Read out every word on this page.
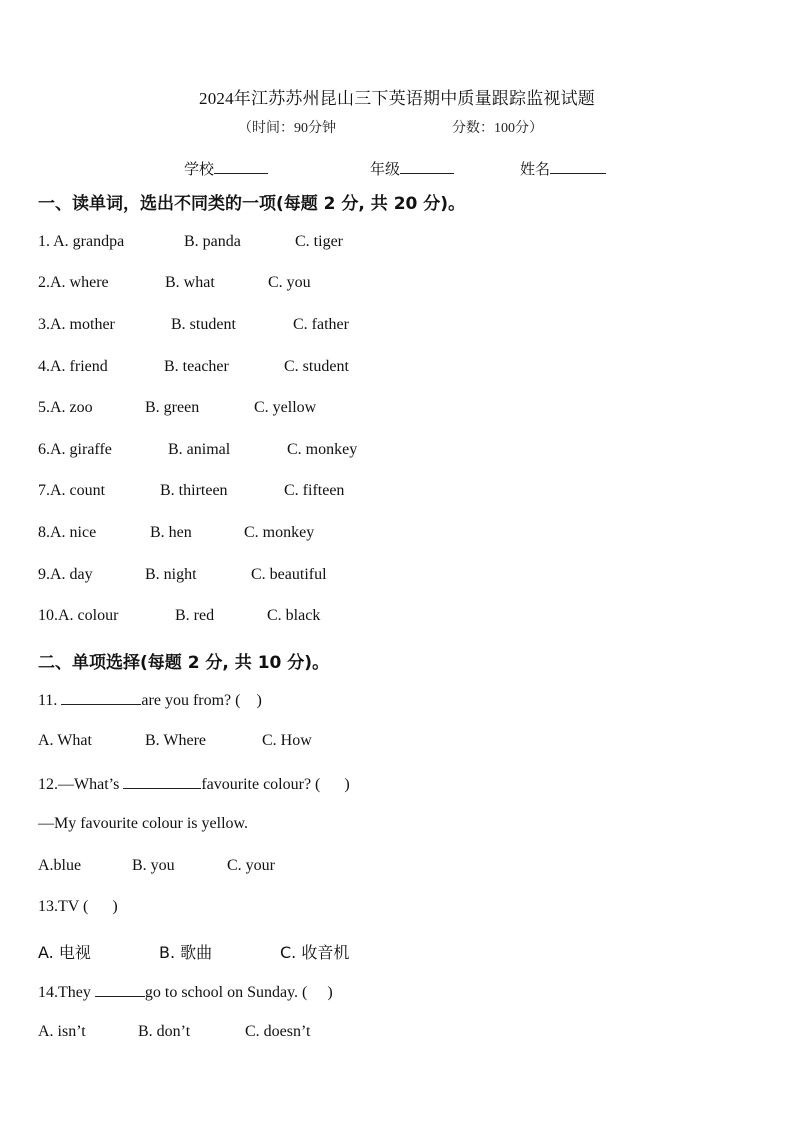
2024年江苏苏州昆山三下英语期中质量跟踪监视试题
（时间：90分钟	分数：100分）
学校	年级	姓名
一、读单词，选出不同类的一项(每题 2 分, 共 20 分)。
1. A. grandpa	B. panda	C. tiger
2.A. where	B. what	C. you
3.A. mother	B. student	C. father
4.A. friend	B. teacher	C. student
5.A. zoo	B. green	C. yellow
6.A. giraffe	B. animal	C. monkey
7.A. count	B. thirteen	C. fifteen
8.A. nice	B. hen	C. monkey
9.A. day	B. night	C. beautiful
10.A. colour	B. red	C. black
二、单项选择(每题 2 分, 共 10 分)。
11.	are you from? (    )
A. What	B. Where	C. How
12.—What’s	favourite colour? (      )
—My favourite colour is yellow.
A.blue	B. you	C. your
13.TV (      )
A. 电视	B. 歌曲	C. 收音机
14.They	go to school on Sunday. (     )
A. isn’t	B. don’t	C. doesn’t
